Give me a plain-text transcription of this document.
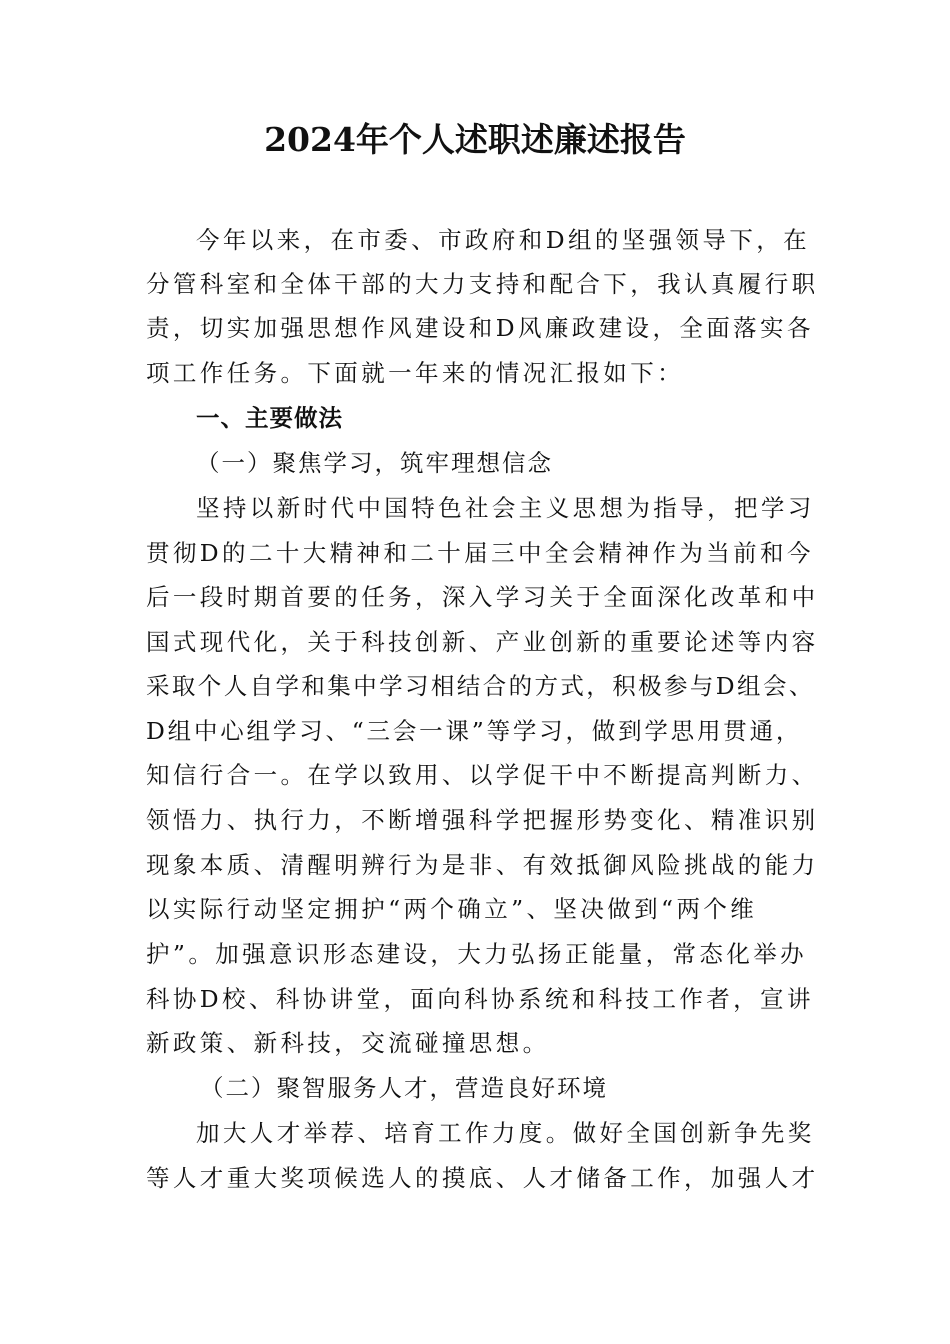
2024年个人述职述廉述报告
今年以来，在市委、市政府和D组的坚强领导下，在
分管科室和全体干部的大力支持和配合下，我认真履行职
责，切实加强思想作风建设和D风廉政建设，全面落实各
项工作任务。下面就一年来的情况汇报如下：
一、主要做法
（一）聚焦学习，筑牢理想信念
坚持以新时代中国特色社会主义思想为指导，把学习
贯彻D的二十大精神和二十届三中全会精神作为当前和今
后一段时期首要的任务，深入学习关于全面深化改革和中
国式现代化，关于科技创新、产业创新的重要论述等内容
采取个人自学和集中学习相结合的方式，积极参与D组会、
D组中心组学习、“三会一课”等学习，做到学思用贯通，
知信行合一。在学以致用、以学促干中不断提高判断力、
领悟力、执行力，不断增强科学把握形势变化、精准识别
现象本质、清醒明辨行为是非、有效抵御风险挑战的能力
以实际行动坚定拥护“两个确立”、坚决做到“两个维
护”。加强意识形态建设，大力弘扬正能量，常态化举办
科协D校、科协讲堂，面向科协系统和科技工作者，宣讲
新政策、新科技，交流碰撞思想。
（二）聚智服务人才，营造良好环境
加大人才举荐、培育工作力度。做好全国创新争先奖
等人才重大奖项候选人的摸底、人才储备工作，加强人才
